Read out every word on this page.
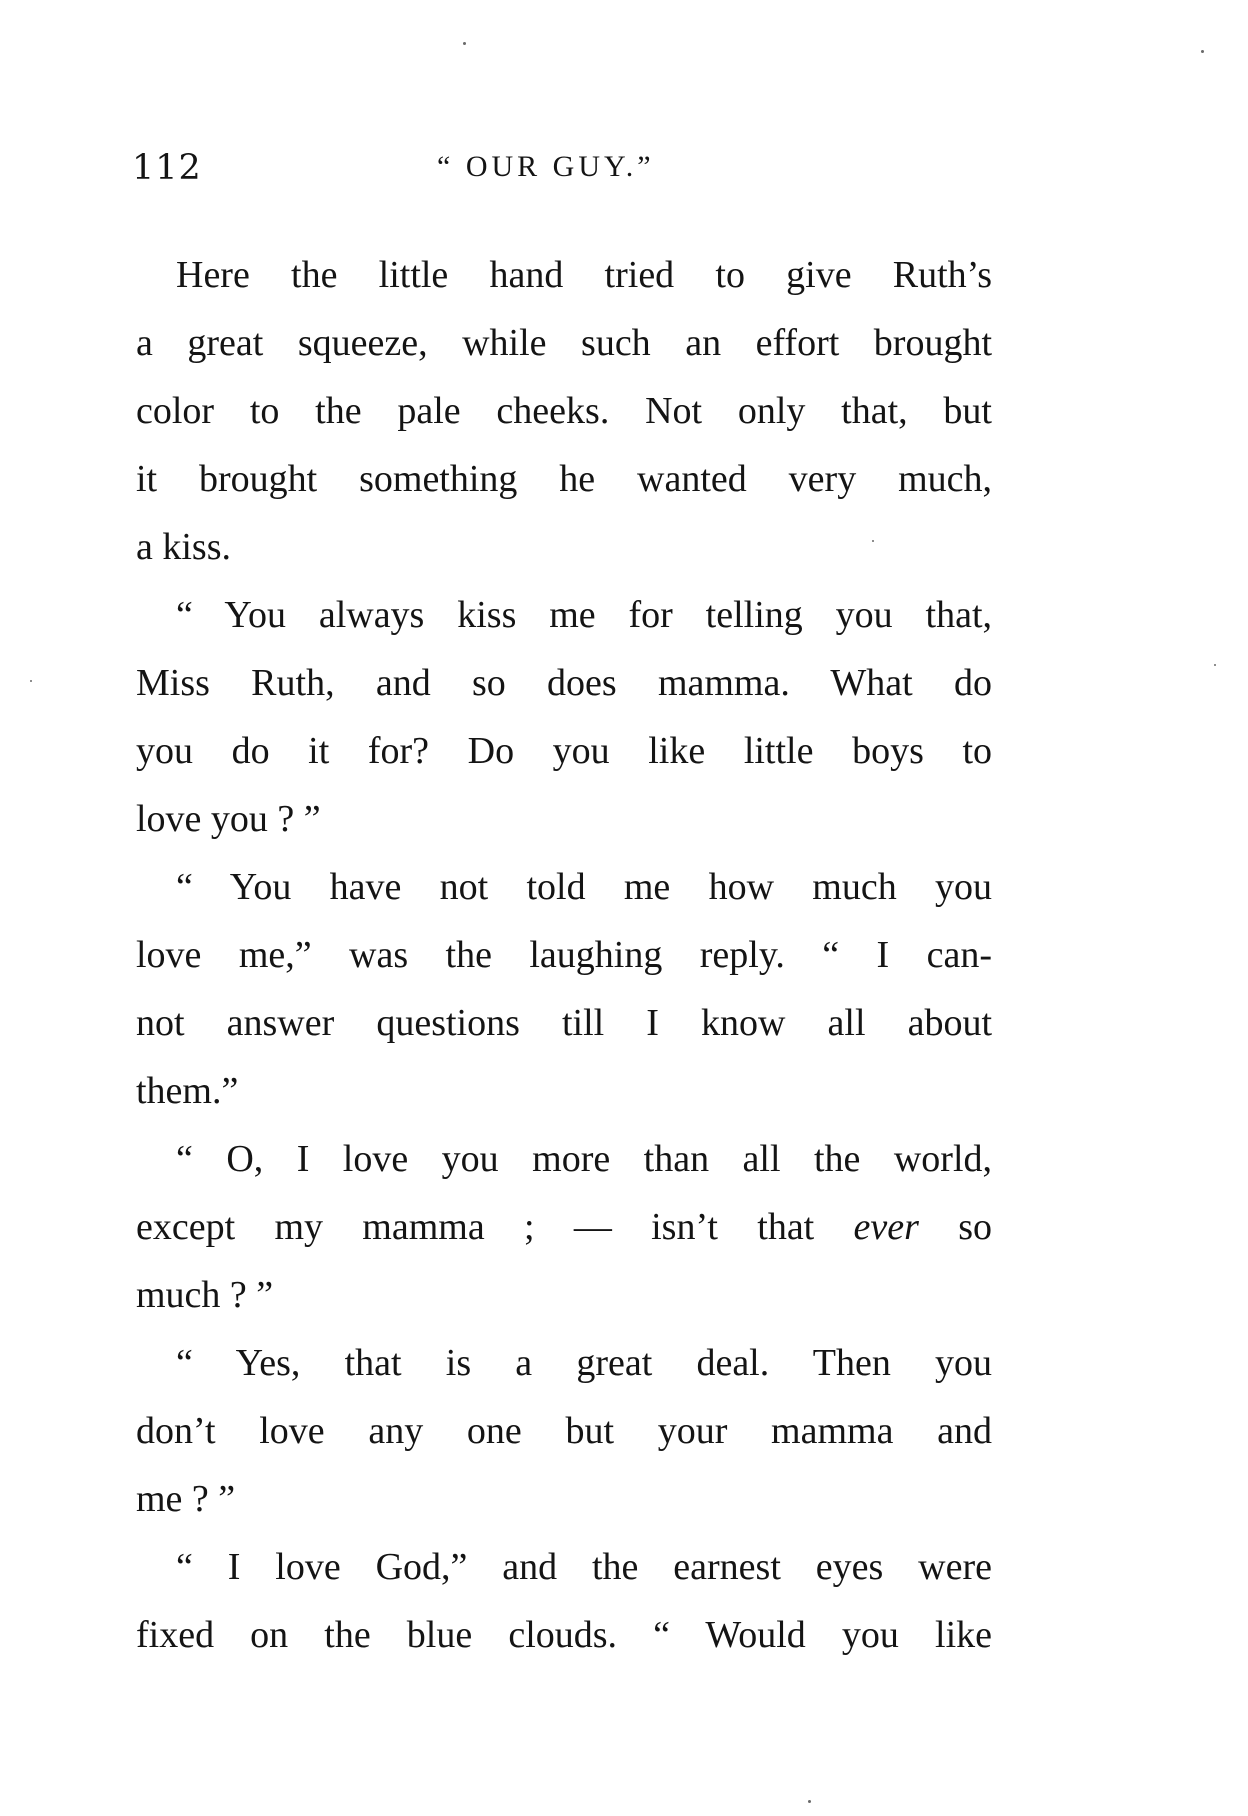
112	“ OUR GUY.”
Here the little hand tried to give Ruth’s
a great squeeze, while such an effort brought
color to the pale cheeks. Not only that, but
it brought something he wanted very much,
a kiss.
“ You always kiss me for telling you that,
Miss Ruth, and so does mamma. What do
you do it for? Do you like little boys to
love you ? ”
“ You have not told me how much you
love me,” was the laughing reply. “ I can-
not answer questions till I know all about
them.”
“ O, I love you more than all the world,
except my mamma ; — isn’t that ever so
much ? ”
“ Yes, that is a great deal. Then you
don’t love any one but your mamma and
me ? ”
“ I love God,” and the earnest eyes were
fixed on the blue clouds. “ Would you like
